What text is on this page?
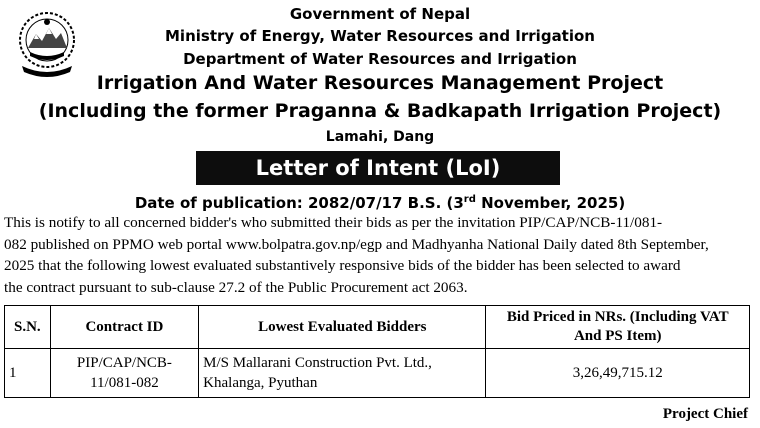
Government of Nepal
Ministry of Energy, Water Resources and Irrigation
Department of Water Resources and Irrigation
Irrigation And Water Resources Management Project
(Including the former Praganna & Badkapath Irrigation Project)
Lamahi, Dang
Letter of Intent (LoI)
Date of publication: 2082/07/17 B.S. (3rd November, 2025)
This is notify to all concerned bidder's who submitted their bids as per the invitation PIP/CAP/NCB-11/081-
082 published on PPMO web portal www.bolpatra.gov.np/egp and Madhyanha National Daily dated 8th September,
2025 that the following lowest evaluated substantively responsive bids of the bidder has been selected to award
the contract pursuant to sub-clause 27.2 of the Public Procurement act 2063.
S.N.	Contract ID	Lowest Evaluated Bidders	Bid Priced in NRs. (Including VAT
And PS Item)
1	PIP/CAP/NCB-
11/081-082	M/S Mallarani Construction Pvt. Ltd.,
Khalanga, Pyuthan	3,26,49,715.12
Project Chief
